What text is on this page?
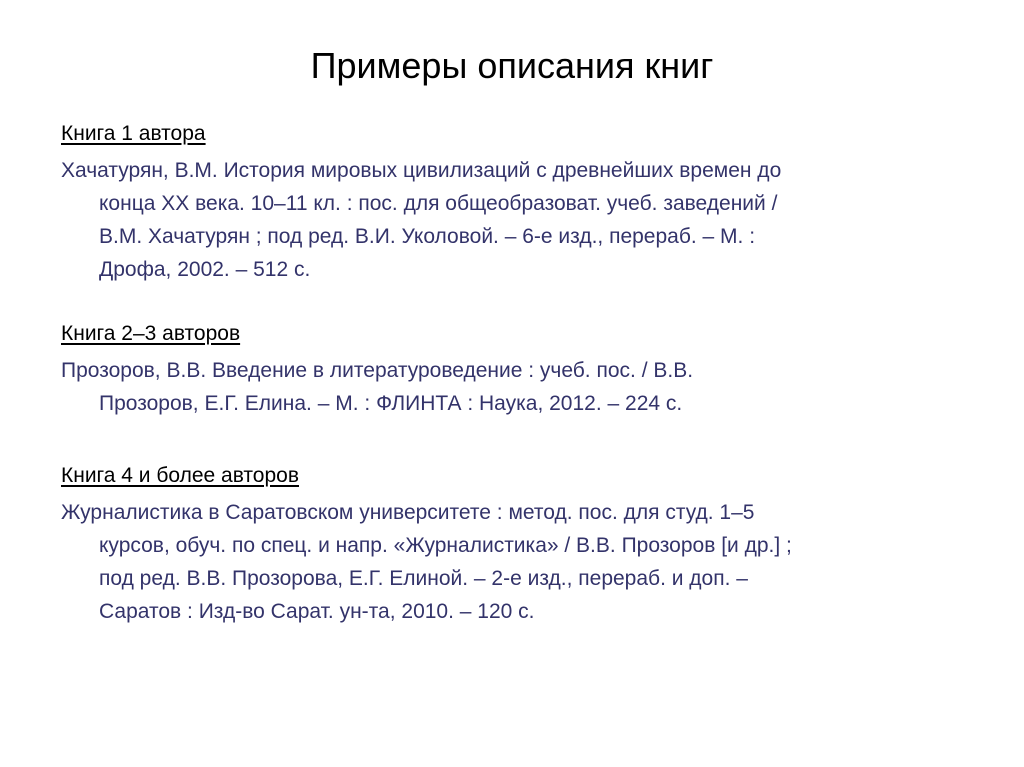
Примеры описания книг
Книга 1 автора
Хачатурян, В.М. История мировых цивилизаций с древнейших времен до
конца XX века. 10–11 кл. : пос. для общеобразоват. учеб. заведений /
В.М. Хачатурян ; под ред. В.И. Уколовой. – 6-е изд., перераб. – М. :
Дрофа, 2002. – 512 с.
Книга 2–3 авторов
Прозоров, В.В. Введение в литературоведение : учеб. пос. / В.В.
Прозоров, Е.Г. Елина. – М. : ФЛИНТА : Наука, 2012. – 224 с.
Книга 4 и более авторов
Журналистика в Саратовском университете : метод. пос. для студ. 1–5
курсов, обуч. по спец. и напр. «Журналистика» / В.В. Прозоров [и др.] ;
под ред. В.В. Прозорова, Е.Г. Елиной. – 2-е изд., перераб. и доп. –
Саратов : Изд-во Сарат. ун-та, 2010. – 120 с.
